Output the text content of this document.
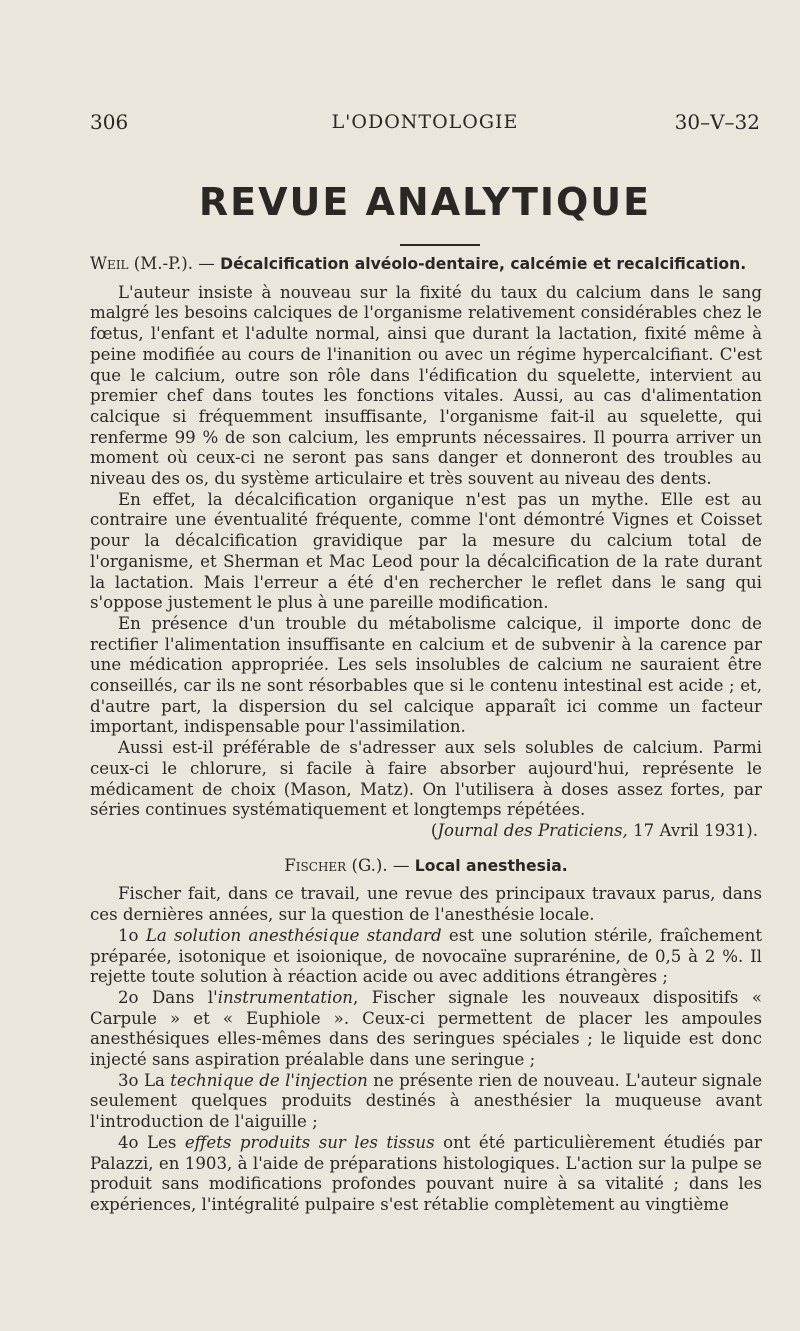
306	L'ODONTOLOGIE	30–V–32
REVUE ANALYTIQUE
Weil (M.-P.). — Décalcification alvéolo-dentaire, calcémie et recalcification.

L'auteur insiste à nouveau sur la fixité du taux du calcium dans le sang malgré les besoins calciques de l'organisme relativement considérables chez le fœtus, l'enfant et l'adulte normal, ainsi que durant la lactation, fixité même à peine modifiée au cours de l'inanition ou avec un régime hypercalcifiant. C'est que le calcium, outre son rôle dans l'édification du squelette, intervient au premier chef dans toutes les fonctions vitales. Aussi, au cas d'alimentation calcique si fréquemment insuffisante, l'organisme fait-il au squelette, qui renferme 99 % de son calcium, les emprunts nécessaires. Il pourra arriver un moment où ceux-ci ne seront pas sans danger et donneront des troubles au niveau des os, du système articulaire et très souvent au niveau des dents.

En effet, la décalcification organique n'est pas un mythe. Elle est au contraire une éventualité fréquente, comme l'ont démontré Vignes et Coisset pour la décalcification gravidique par la mesure du calcium total de l'organisme, et Sherman et Mac Leod pour la décalcification de la rate durant la lactation. Mais l'erreur a été d'en rechercher le reflet dans le sang qui s'oppose justement le plus à une pareille modification.

En présence d'un trouble du métabolisme calcique, il importe donc de rectifier l'alimentation insuffisante en calcium et de subvenir à la carence par une médication appropriée. Les sels insolubles de calcium ne sauraient être conseillés, car ils ne sont résorbables que si le contenu intestinal est acide ; et, d'autre part, la dispersion du sel calcique apparaît ici comme un facteur important, indispensable pour l'assimilation.

Aussi est-il préférable de s'adresser aux sels solubles de calcium. Parmi ceux-ci le chlorure, si facile à faire absorber aujourd'hui, représente le médicament de choix (Mason, Matz). On l'utilisera à doses assez fortes, par séries continues systématiquement et longtemps répétées.

(Journal des Praticiens, 17 Avril 1931).
Fischer (G.). — Local anesthesia.

Fischer fait, dans ce travail, une revue des principaux travaux parus, dans ces dernières années, sur la question de l'anesthésie locale.

1o La solution anesthésique standard est une solution stérile, fraîchement préparée, isotonique et isoionique, de novocaïne suprarénine, de 0,5 à 2 %. Il rejette toute solution à réaction acide ou avec additions étrangères ;

2o Dans l'instrumentation, Fischer signale les nouveaux dispositifs « Carpule » et « Euphiole ». Ceux-ci permettent de placer les ampoules anesthésiques elles-mêmes dans des seringues spéciales ; le liquide est donc injecté sans aspiration préalable dans une seringue ;

3o La technique de l'injection ne présente rien de nouveau. L'auteur signale seulement quelques produits destinés à anesthésier la muqueuse avant l'introduction de l'aiguille ;

4o Les effets produits sur les tissus ont été particulièrement étudiés par Palazzi, en 1903, à l'aide de préparations histologiques. L'action sur la pulpe se produit sans modifications profondes pouvant nuire à sa vitalité ; dans les expériences, l'intégralité pulpaire s'est rétablie complètement au vingtième
